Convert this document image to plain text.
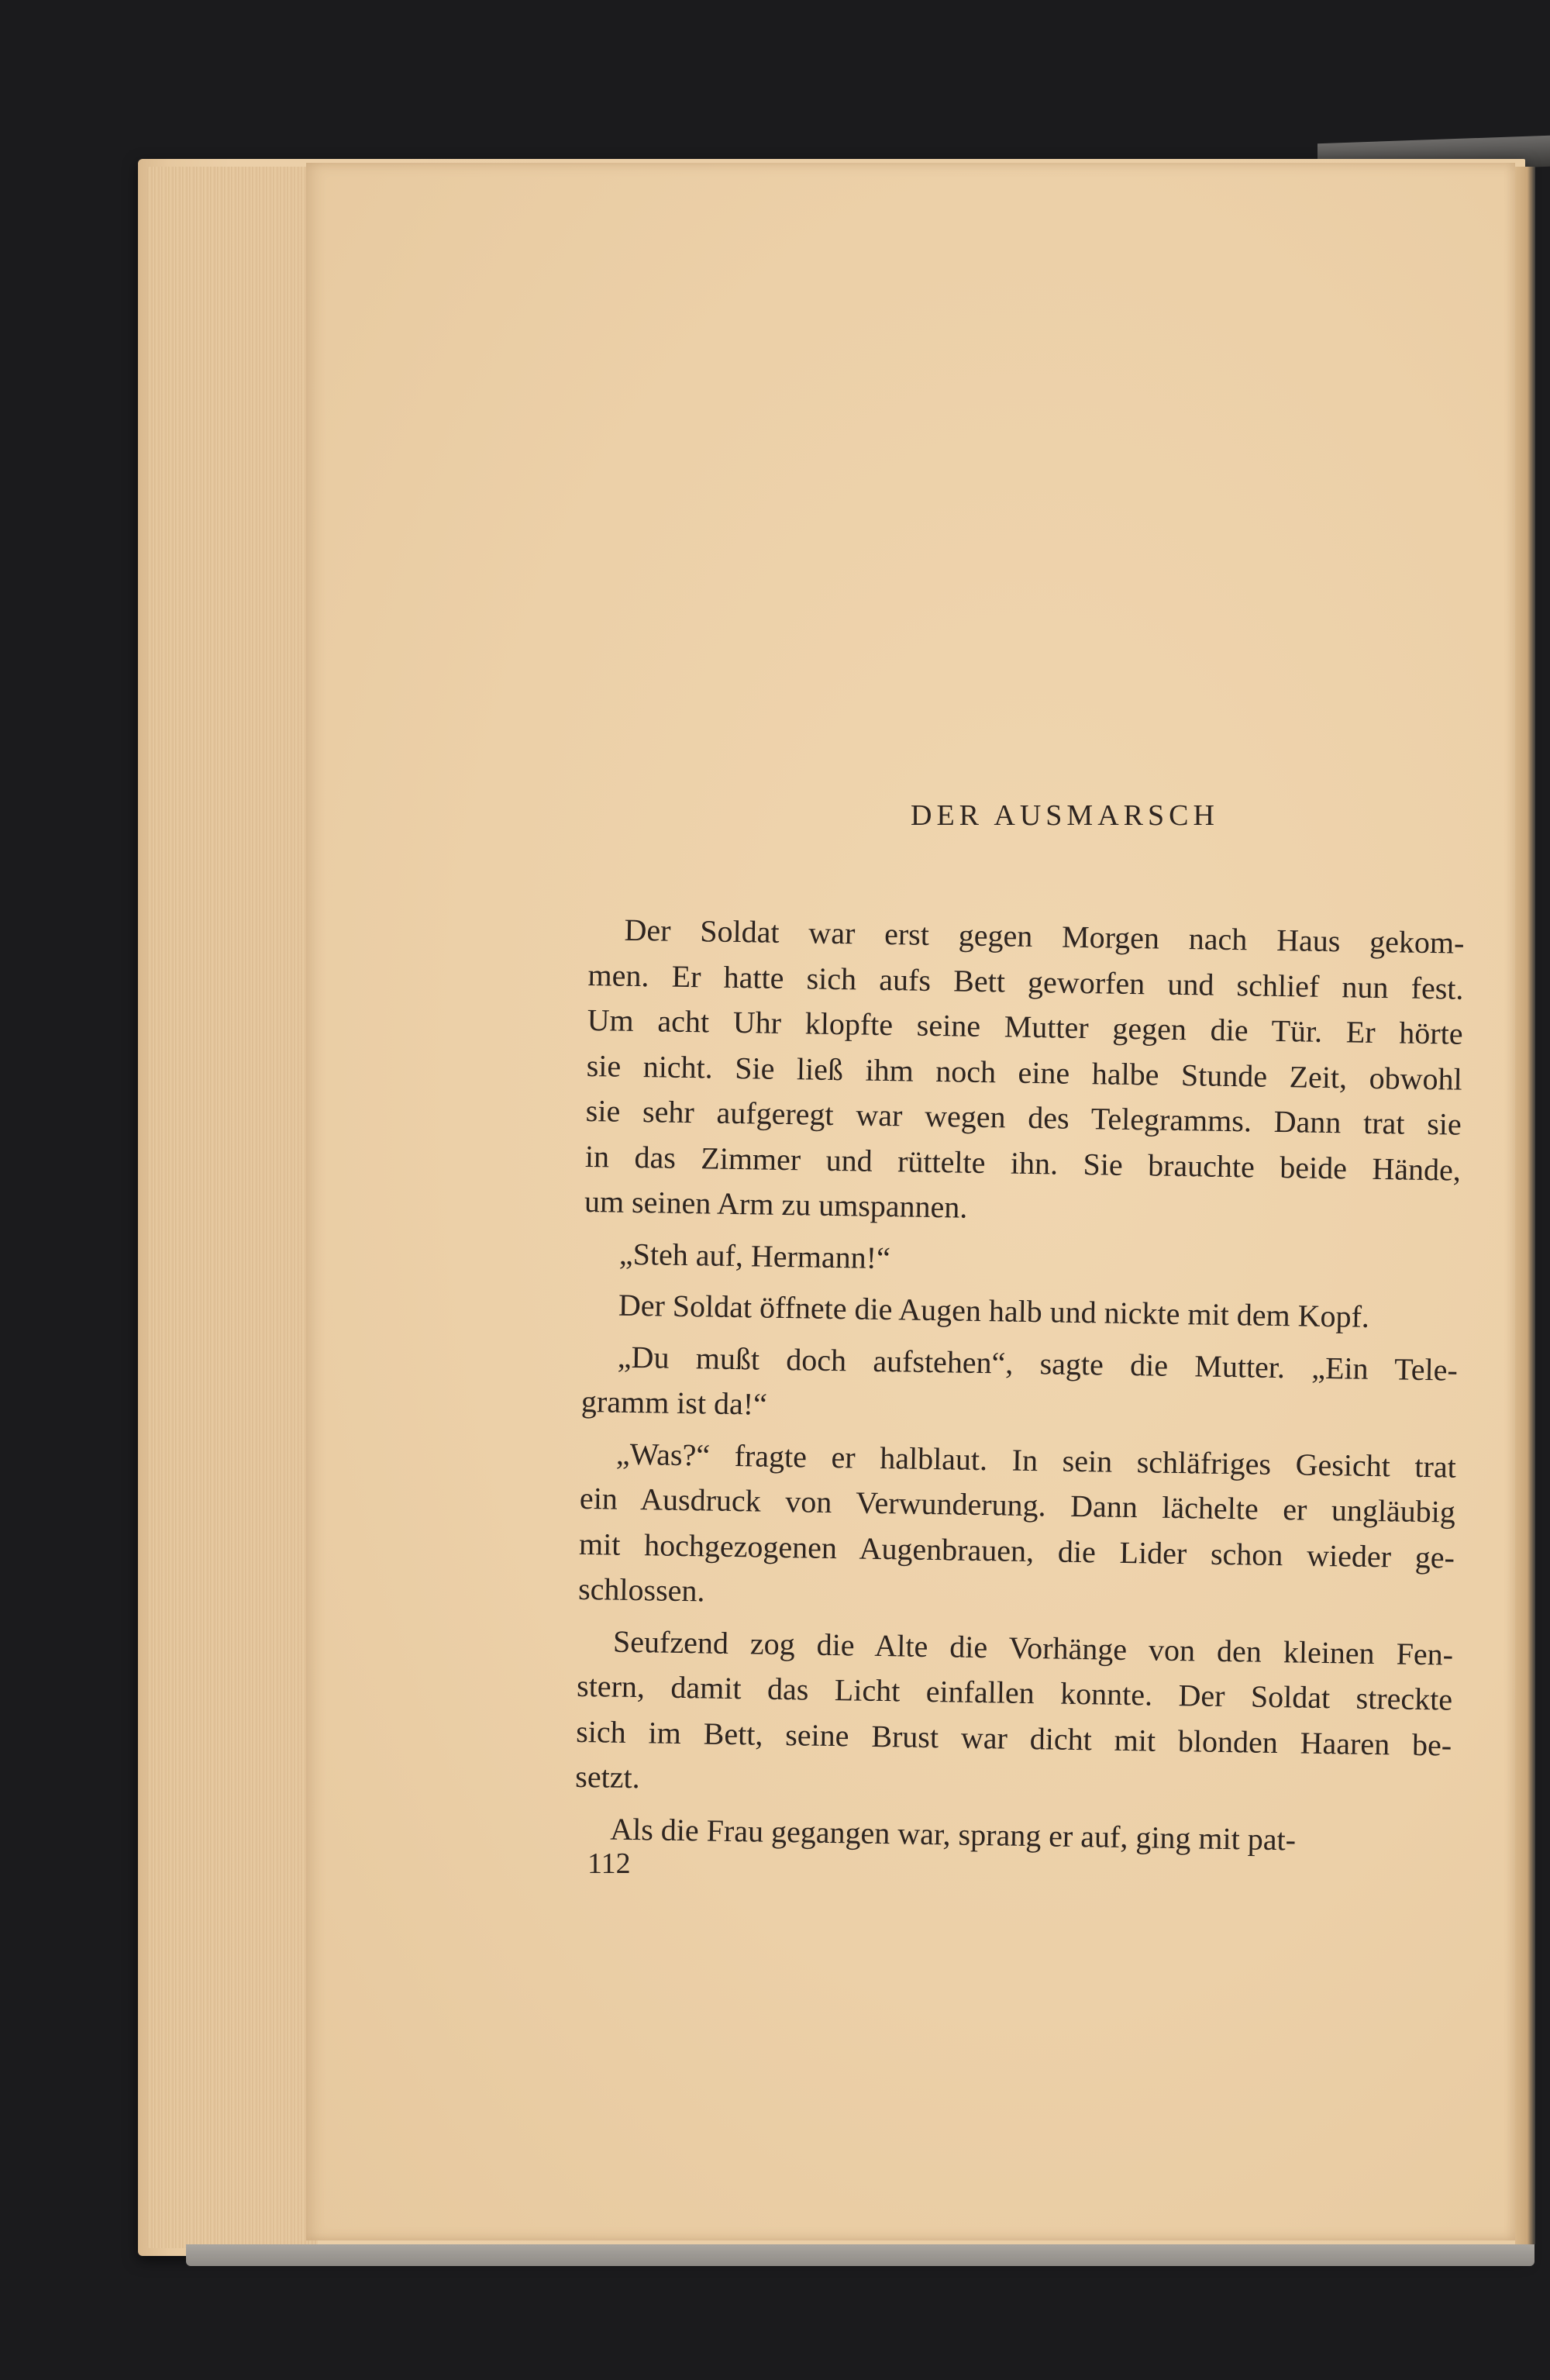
DER AUSMARSCH
Der Soldat war erst gegen Morgen nach Haus gekom-
men. Er hatte sich aufs Bett geworfen und schlief nun fest.
Um acht Uhr klopfte seine Mutter gegen die Tür. Er hörte
sie nicht. Sie ließ ihm noch eine halbe Stunde Zeit, obwohl
sie sehr aufgeregt war wegen des Telegramms. Dann trat sie
in das Zimmer und rüttelte ihn. Sie brauchte beide Hände,
um seinen Arm zu umspannen.
„Steh auf, Hermann!“
Der Soldat öffnete die Augen halb und nickte mit dem Kopf.
„Du mußt doch aufstehen“, sagte die Mutter. „Ein Tele-
gramm ist da!“
„Was?“ fragte er halblaut. In sein schläfriges Gesicht trat
ein Ausdruck von Verwunderung. Dann lächelte er ungläubig
mit hochgezogenen Augenbrauen, die Lider schon wieder ge-
schlossen.
Seufzend zog die Alte die Vorhänge von den kleinen Fen-
stern, damit das Licht einfallen konnte. Der Soldat streckte
sich im Bett, seine Brust war dicht mit blonden Haaren be-
setzt.
Als die Frau gegangen war, sprang er auf, ging mit pat-
112
